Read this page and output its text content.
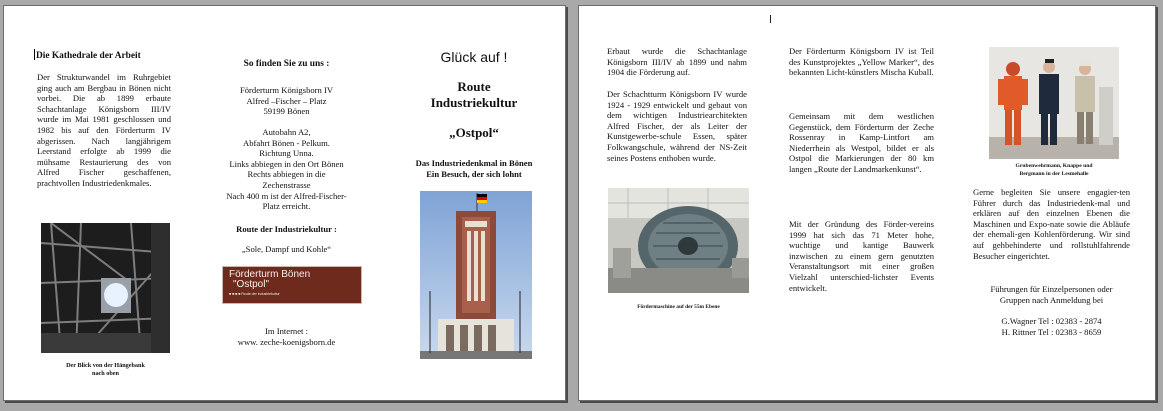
Die Kathedrale der Arbeit
Der Strukturwandel im Ruhrgebiet ging auch am Bergbau in Bönen nicht vorbei. Die ab 1899 erbaute Schachtanlage Königsborn III/IV wurde im Mai 1981 geschlossen und 1982 bis auf den Förderturm IV abgerissen. Nach langjährigem Leerstand erfolgte ab 1999 die mühsame Restaurierung des von Alfred Fischer geschaffenen, prachtvollen Industriedenkmales.
Der Blick von der Hängebank
nach oben
So finden Sie zu uns :
Förderturm Königsborn IV
Alfred –Fischer – Platz
59199 Bönen
Autobahn A2,
Abfahrt Bönen - Pelkum.
Richtung Unna.
Links abbiegen in den Ort Bönen
Rechts abbiegen in die
Zechenstrasse
Nach 400 m ist der Alfred-Fischer-
Platz erreicht.
Route der Industriekultur :
„Sole, Dampf und Kohle“
Förderturm Bönen
"Ostpol"
■ ■ ■ ■ Route der Industriekultur
Im Internet :
www. zeche-koenigsborn.de
Glück auf !
Route
Industriekultur
„Ostpol“
Das Industriedenkmal in Bönen
Ein Besuch, der sich lohnt
Erbaut wurde die Schachtanlage Königsborn III/IV ab 1899 und nahm 1904 die Förderung auf.
Der Schachtturm Königsborn IV wurde 1924 - 1929 entwickelt und gebaut von dem wichtigen Industriearchitekten Alfred Fischer, der als Leiter der Kunstgewerbe-schule Essen, später Folkwangschule, während der NS-Zeit seines Postens enthoben wurde.
Fördermaschine auf der 55m Ebene
Der Förderturm Königsborn IV ist Teil des Kunstprojektes „Yellow Marker“, des bekannten Licht-künstlers Mischa Kuball.
Gemeinsam mit dem westlichen Gegenstück, dem Förderturm der Zeche Rossenray in Kamp-Lintfort am Niederrhein als Westpol, bildet er als Ostpol die Markierungen der 80 km langen „Route der Landmarkenkunst“.
Mit der Gründung des Förder-vereins 1999 hat sich das 71 Meter hohe, wuchtige und kantige Bauwerk inzwischen zu einem gern genutzten Veranstaltungsort mit einer großen Vielzahl unterschied-lichster Events entwickelt.
Grubenwehrmann, Knappe und
Bergmann in der Lesmehalle
Gerne begleiten Sie unsere engagier-ten Führer durch das Industriedenk-mal und erklären auf den einzelnen Ebenen die Maschinen und Expo-nate sowie die Abläufe der ehemali-gen Kohlenförderung. Wir sind auf gehbehinderte und rollstuhlfahrende Besucher eingerichtet.
Führungen für Einzelpersonen oder
Gruppen nach Anmeldung bei
G.Wagner Tel : 02383 - 2874
H. Rittner Tel : 02383 - 8659
